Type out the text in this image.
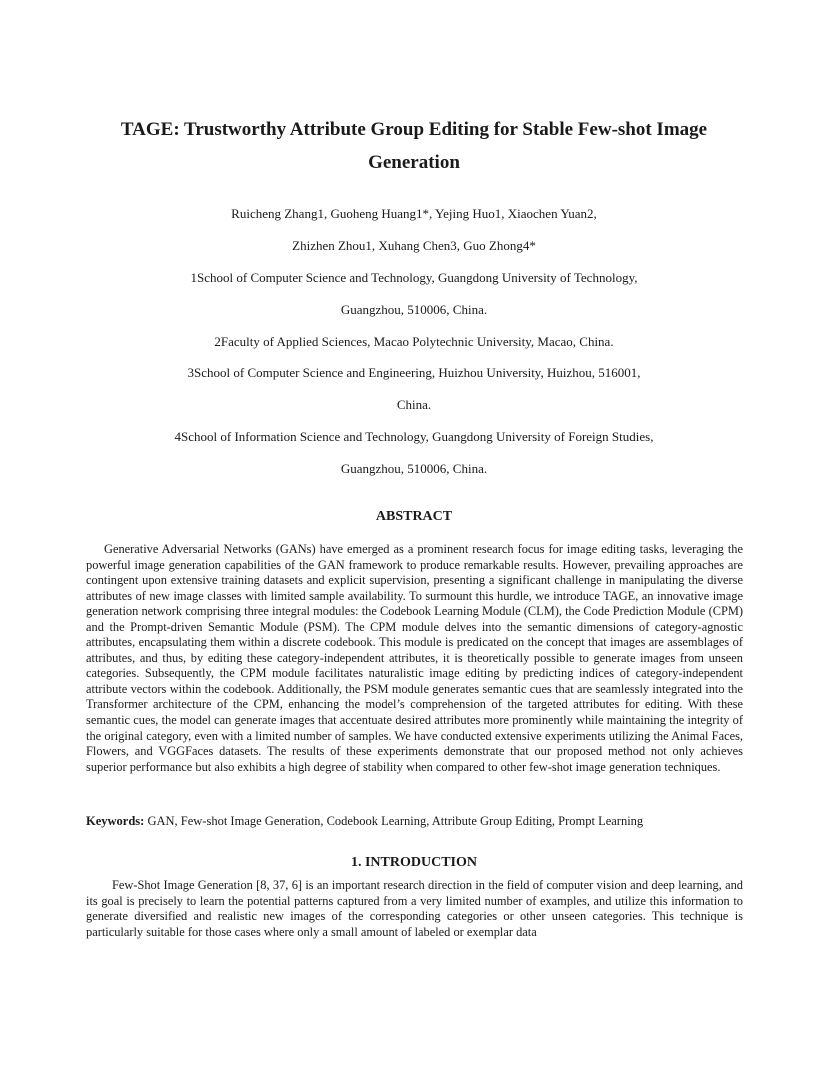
TAGE: Trustworthy Attribute Group Editing for Stable Few-shot Image
Generation

Ruicheng Zhang1, Guoheng Huang1*, Yejing Huo1, Xiaochen Yuan2,

Zhizhen Zhou1, Xuhang Chen3, Guo Zhong4*

1School of Computer Science and Technology, Guangdong University of Technology,

Guangzhou, 510006, China.

2Faculty of Applied Sciences, Macao Polytechnic University, Macao, China.

3School of Computer Science and Engineering, Huizhou University, Huizhou, 516001,

China.

4School of Information Science and Technology, Guangdong University of Foreign Studies,

Guangzhou, 510006, China.

ABSTRACT

Generative Adversarial Networks (GANs) have emerged as a prominent research focus for image editing tasks, leveraging the powerful image generation capabilities of the GAN framework to produce remarkable results. However, prevailing approaches are contingent upon extensive training datasets and explicit supervision, presenting a significant challenge in manipulating the diverse attributes of new image classes with limited sample availability. To surmount this hurdle, we introduce TAGE, an innovative image generation network comprising three integral modules: the Codebook Learning Module (CLM), the Code Prediction Module (CPM) and the Prompt-driven Semantic Module (PSM). The CPM module delves into the semantic dimensions of category-agnostic attributes, encapsulating them within a discrete codebook. This module is predicated on the concept that images are assemblages of attributes, and thus, by editing these category-independent attributes, it is theoretically possible to generate images from unseen categories. Subsequently, the CPM module facilitates naturalistic image editing by predicting indices of category-independent attribute vectors within the codebook. Additionally, the PSM module generates semantic cues that are seamlessly integrated into the Transformer architecture of the CPM, enhancing the model’s comprehension of the targeted attributes for editing. With these semantic cues, the model can generate images that accentuate desired attributes more prominently while maintaining the integrity of the original category, even with a limited number of samples. We have conducted extensive experiments utilizing the Animal Faces, Flowers, and VGGFaces datasets. The results of these experiments demonstrate that our proposed method not only achieves superior performance but also exhibits a high degree of stability when compared to other few-shot image generation techniques.

Keywords: GAN, Few-shot Image Generation, Codebook Learning, Attribute Group Editing, Prompt Learning

1. INTRODUCTION

Few-Shot Image Generation [8, 37, 6] is an important research direction in the field of computer vision and deep learning, and its goal is precisely to learn the potential patterns captured from a very limited number of examples, and utilize this information to generate diversified and realistic new images of the corresponding categories or other unseen categories. This technique is particularly suitable for those cases where only a small amount of labeled or exemplar data
